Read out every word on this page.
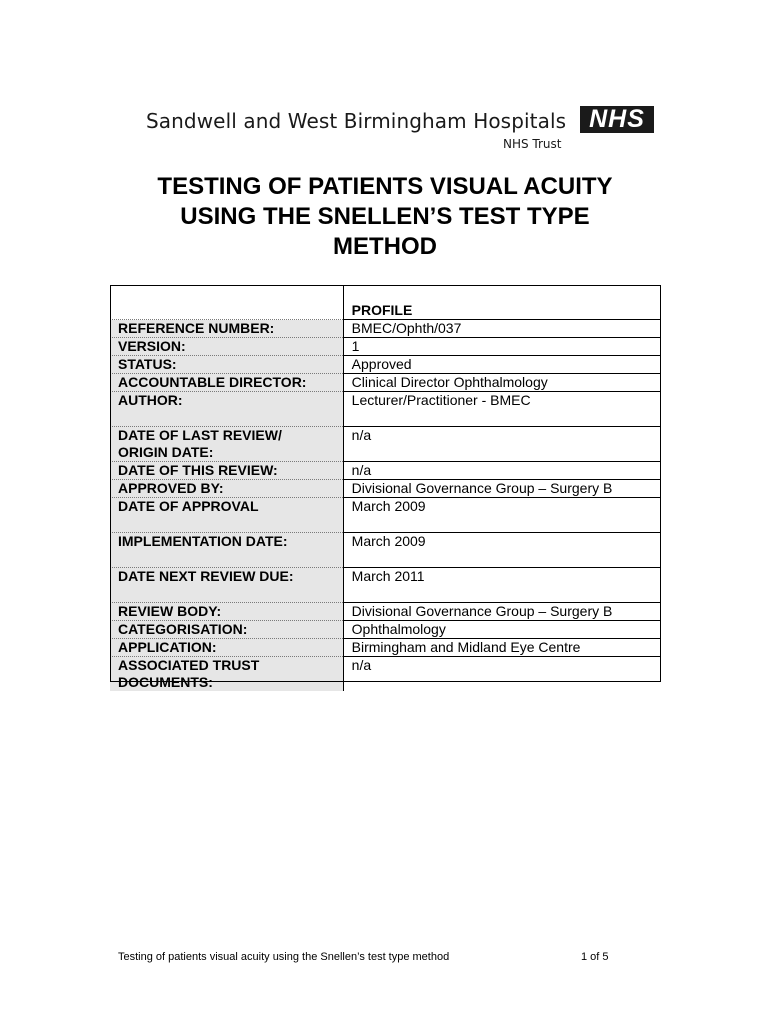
Sandwell and West Birmingham Hospitals NHS
NHS Trust
TESTING OF PATIENTS VISUAL ACUITY
USING THE SNELLEN’S TEST TYPE
METHOD
	PROFILE
REFERENCE NUMBER:	BMEC/Ophth/037
VERSION:	1
STATUS:	Approved
ACCOUNTABLE DIRECTOR:	Clinical Director Ophthalmology
AUTHOR:	Lecturer/Practitioner - BMEC

DATE OF LAST REVIEW/
ORIGIN DATE:	n/a
DATE OF THIS REVIEW:	n/a
APPROVED BY:	Divisional Governance Group – Surgery B
DATE OF APPROVAL	March 2009

IMPLEMENTATION DATE:	March 2009

DATE NEXT REVIEW DUE:	March 2011

REVIEW BODY:	Divisional Governance Group – Surgery B
CATEGORISATION:	Ophthalmology
APPLICATION:	Birmingham and Midland Eye Centre
ASSOCIATED TRUST
DOCUMENTS:	n/a
Testing of patients visual acuity using the Snellen’s test type method	1 of 5
